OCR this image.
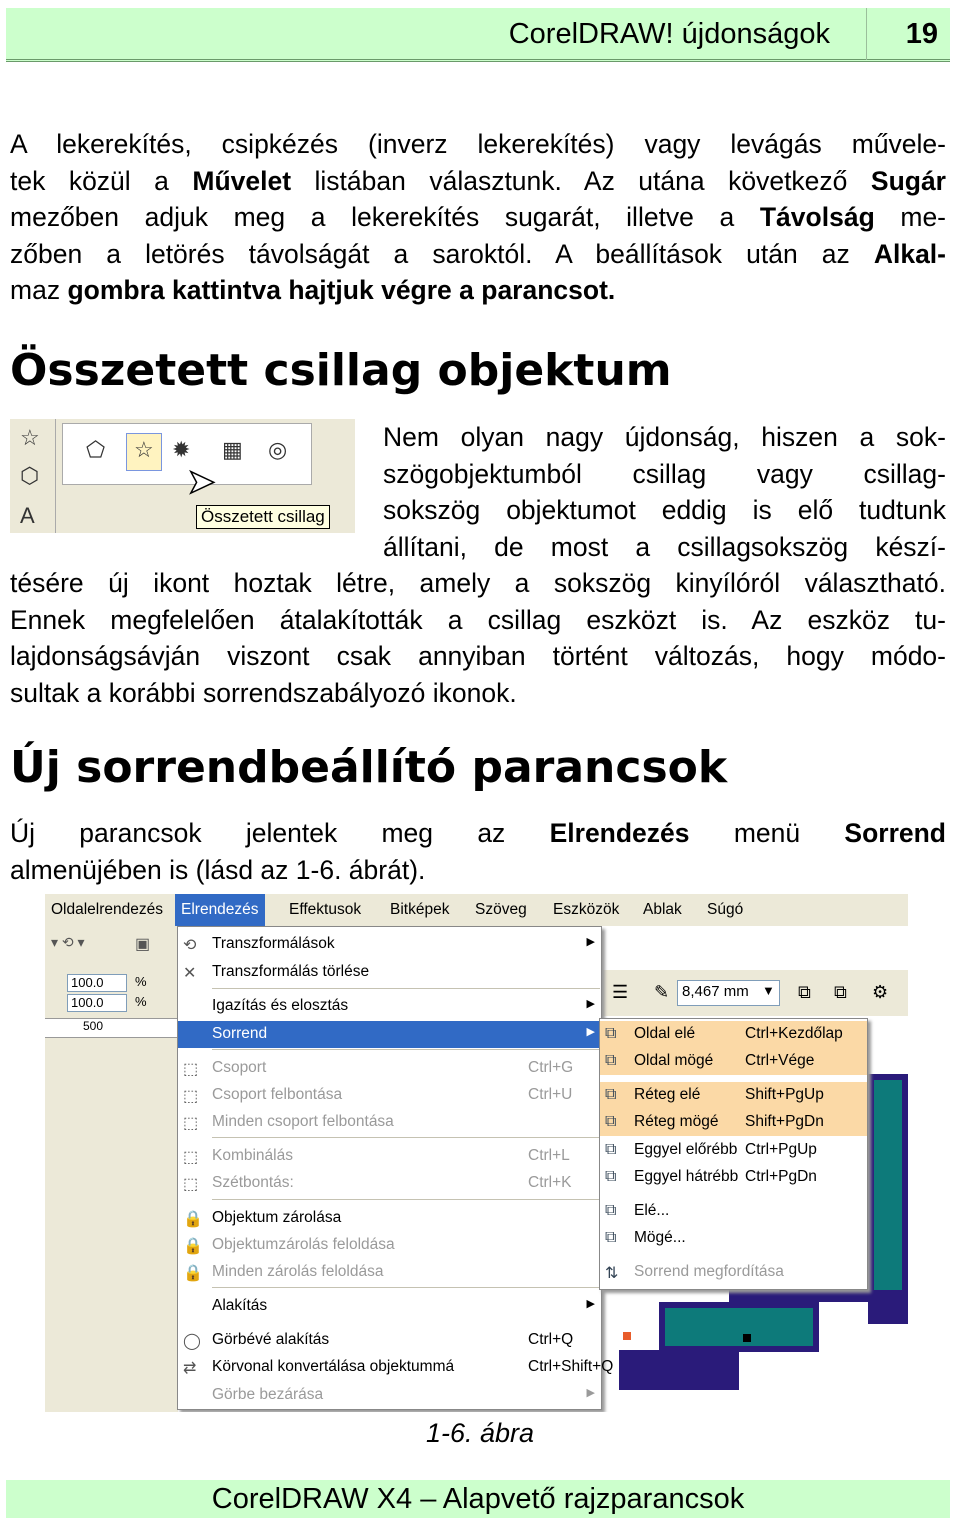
CorelDRAW! újdonságok	19
A lekerekítés, csipkézés (inverz lekerekítés) vagy levágás művele-
tek közül a Művelet listában választunk. Az utána következő Sugár
mezőben adjuk meg a lekerekítés sugarát, illetve a Távolság me-
zőben a letörés távolságát a saroktól. A beállítások után az Alkal-
maz gombra kattintva hajtjuk végre a parancsot.
Összetett csillag objektum
☆
⬡
A
⬠ ☆ ✹ ▦ ◎
➤
Összetett csillag
Nem olyan nagy újdonság, hiszen a sok-
szögobjektumból csillag vagy csillag-
sokszög objektumot eddig is elő tudtunk
állítani, de most a csillagsokszög készí-
tésére új ikont hoztak létre, amely a sokszög kinyílóról választható.
Ennek megfelelően átalakították a csillag eszközt is. Az eszköz tu-
lajdonságsávján viszont csak annyiban történt változás, hogy módo-
sultak a korábbi sorrendszabályozó ikonok.
Új sorrendbeállító parancsok
Új parancsok jelentek meg az Elrendezés menü Sorrend
almenüjében is (lásd az 1-6. ábrát).
Oldalelrendezés	Elrendezés	Effektusok Bitképek Szöveg Eszközök Ablak Súgó
100.0
100.0
%
%
500
▾ ⟲ ▾	▣
☰ ✎ 8,467 mm	▼ ⧉ ⧉ ⚙
⟲ Transzformálások	▶
✕ Transzformálás törlése
Igazítás és elosztás	▶
Sorrend	▶
⬚ Csoport	Ctrl+G
⬚ Csoport felbontása	Ctrl+U
⬚ Minden csoport felbontása
⬚ Kombinálás	Ctrl+L
⬚ Szétbontás:	Ctrl+K
🔒 Objektum zárolása
🔒 Objektumzárolás feloldása
🔒 Minden zárolás feloldása
Alakítás	▶
◯ Görbévé alakítás	Ctrl+Q
⇄ Körvonal konvertálása objektummá	Ctrl+Shift+Q
Görbe bezárása	▶
⧉ Oldal elé	Ctrl+Kezdőlap
⧉ Oldal mögé Ctrl+Vége
⧉ Réteg elé	Shift+PgUp
⧉ Réteg mögé Shift+PgDn
⧉ Eggyel előrébb Ctrl+PgUp
⧉ Eggyel hátrébb Ctrl+PgDn
⧉ Elé...
⧉ Mögé...
⇅ Sorrend megfordítása
1-6. ábra
CorelDRAW X4 – Alapvető rajzparancsok
